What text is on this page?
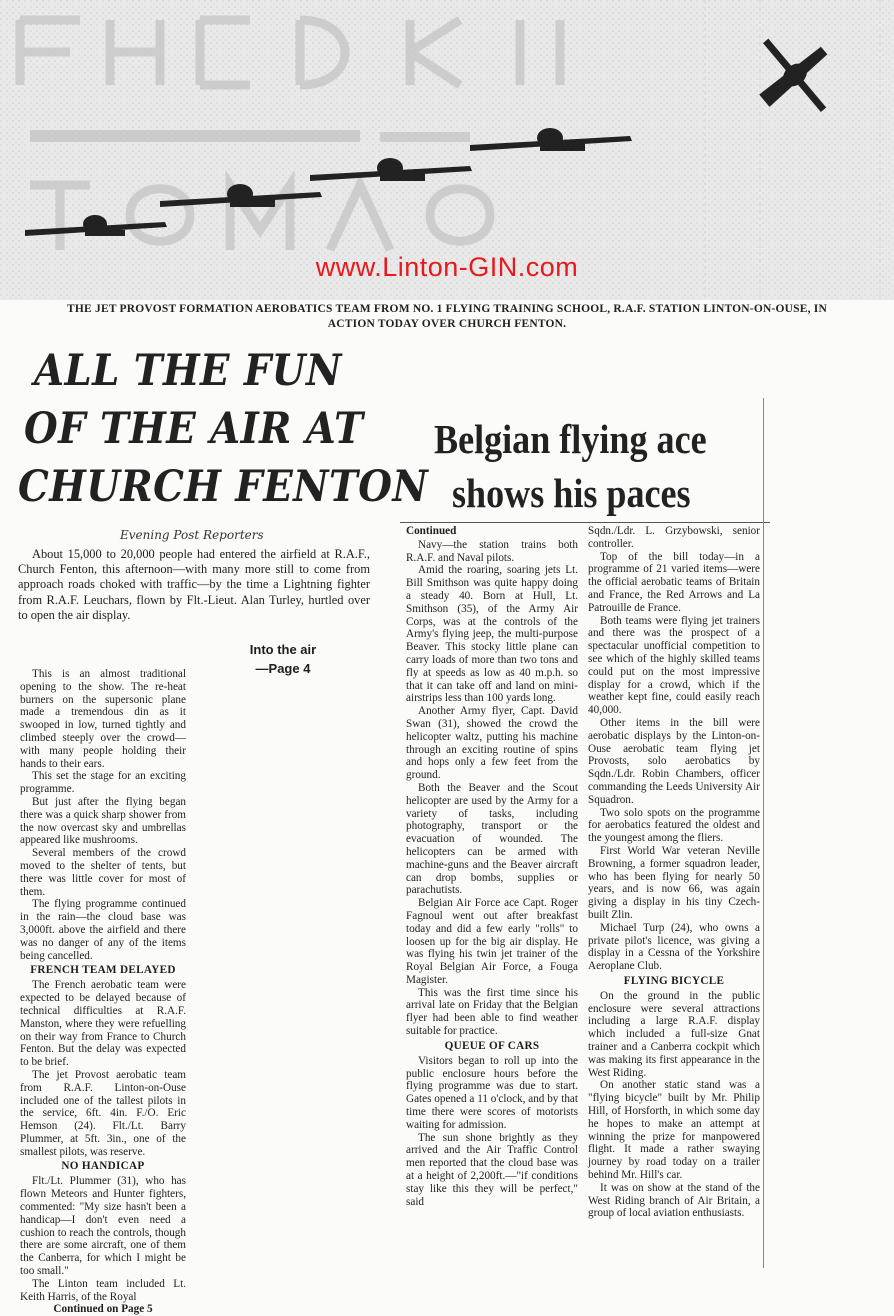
www.Linton-GIN.com
THE JET PROVOST FORMATION AEROBATICS TEAM FROM NO. 1 FLYING TRAINING SCHOOL, R.A.F. STATION LINTON-ON-OUSE, IN
ACTION TODAY OVER CHURCH FENTON.
ALL THE FUN
OF THE AIR AT
CHURCH FENTON
Belgian flying ace
shows his paces
Evening Post Reporters
About 15,000 to 20,000 people had entered the airfield at R.A.F., Church Fenton, this afternoon—with many more still to come from approach roads choked with traffic—by the time a Lightning fighter from R.A.F. Leuchars, flown by Flt.-Lieut. Alan Turley, hurtled over to open the air display.
Into the air
—Page 4

This is an almost traditional opening to the show. The re-heat burners on the supersonic plane made a tremendous din as it swooped in low, turned tightly and climbed steeply over the crowd—with many people holding their hands to their ears.

This set the stage for an exciting programme.

But just after the flying began there was a quick sharp shower from the now overcast sky and umbrellas appeared like mushrooms.

Several members of the crowd moved to the shelter of tents, but there was little cover for most of them.

The flying programme continued in the rain—the cloud base was 3,000ft. above the airfield and there was no danger of any of the items being cancelled.

FRENCH TEAM DELAYED

The French aerobatic team were expected to be delayed because of technical difficulties at R.A.F. Manston, where they were refuelling on their way from France to Church Fenton. But the delay was expected to be brief.

The jet Provost aerobatic team from R.A.F. Linton-on-Ouse included one of the tallest pilots in the service, 6ft. 4in. F./O. Eric Hemson (24). Flt./Lt. Barry Plummer, at 5ft. 3in., one of the smallest pilots, was reserve.

NO HANDICAP

Flt./Lt. Plummer (31), who has flown Meteors and Hunter fighters, commented: "My size hasn't been a handicap—I don't even need a cushion to reach the controls, though there are some aircraft, one of them the Canberra, for which I might be too small."

The Linton team included Lt. Keith Harris, of the Royal

Continued on Page 5

Continued

Navy—the station trains both R.A.F. and Naval pilots.

Amid the roaring, soaring jets Lt. Bill Smithson was quite happy doing a steady 40. Born at Hull, Lt. Smithson (35), of the Army Air Corps, was at the controls of the Army's flying jeep, the multi-purpose Beaver. This stocky little plane can carry loads of more than two tons and fly at speeds as low as 40 m.p.h. so that it can take off and land on mini-airstrips less than 100 yards long.

Another Army flyer, Capt. David Swan (31), showed the crowd the helicopter waltz, putting his machine through an exciting routine of spins and hops only a few feet from the ground.

Both the Beaver and the Scout helicopter are used by the Army for a variety of tasks, including photography, transport or the evacuation of wounded. The helicopters can be armed with machine-guns and the Beaver aircraft can drop bombs, supplies or parachutists.

Belgian Air Force ace Capt. Roger Fagnoul went out after breakfast today and did a few early "rolls" to loosen up for the big air display. He was flying his twin jet trainer of the Royal Belgian Air Force, a Fouga Magister.

This was the first time since his arrival late on Friday that the Belgian flyer had been able to find weather suitable for practice.

QUEUE OF CARS

Visitors began to roll up into the public enclosure hours before the flying programme was due to start. Gates opened a 11 o'clock, and by that time there were scores of motorists waiting for admission.

The sun shone brightly as they arrived and the Air Traffic Control men reported that the cloud base was at a height of 2,200ft.—"if conditions stay like this they will be perfect," said

Sqdn./Ldr. L. Grzybowski, senior controller.

Top of the bill today—in a programme of 21 varied items—were the official aerobatic teams of Britain and France, the Red Arrows and La Patrouille de France.

Both teams were flying jet trainers and there was the prospect of a spectacular unofficial competition to see which of the highly skilled teams could put on the most impressive display for a crowd, which if the weather kept fine, could easily reach 40,000.

Other items in the bill were aerobatic displays by the Linton-on-Ouse aerobatic team flying jet Provosts, solo aerobatics by Sqdn./Ldr. Robin Chambers, officer commanding the Leeds University Air Squadron.

Two solo spots on the programme for aerobatics featured the oldest and the youngest among the fliers.

First World War veteran Neville Browning, a former squadron leader, who has been flying for nearly 50 years, and is now 66, was again giving a display in his tiny Czech-built Zlin.

Michael Turp (24), who owns a private pilot's licence, was giving a display in a Cessna of the Yorkshire Aeroplane Club.

FLYING BICYCLE

On the ground in the public enclosure were several attractions including a large R.A.F. display which included a full-size Gnat trainer and a Canberra cockpit which was making its first appearance in the West Riding.

On another static stand was a "flying bicycle" built by Mr. Philip Hill, of Horsforth, in which some day he hopes to make an attempt at winning the prize for manpowered flight. It made a rather swaying journey by road today on a trailer behind Mr. Hill's car.

It was on show at the stand of the West Riding branch of Air Britain, a group of local aviation enthusiasts.
